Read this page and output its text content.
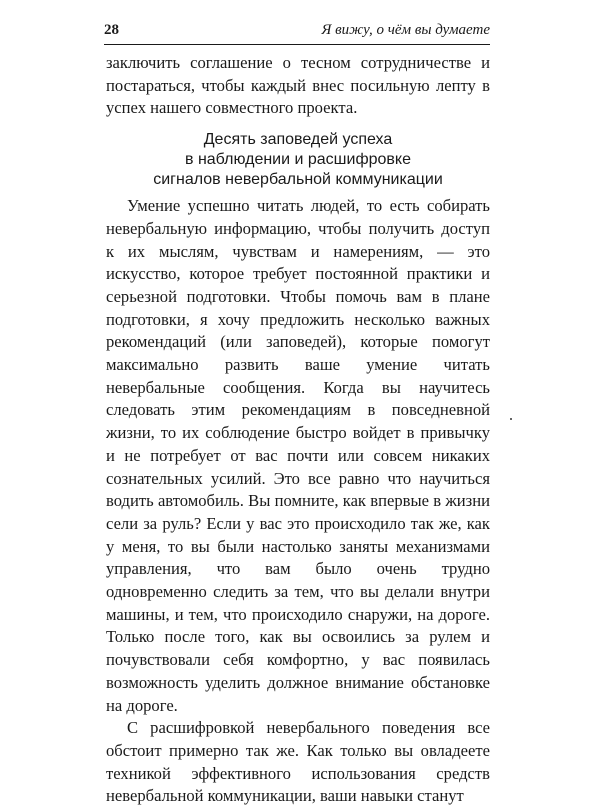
28	Я вижу, о чём вы думаете

заключить соглашение о тесном сотрудничестве и постараться, чтобы каждый внес посильную лепту в успех нашего совместного проекта.

Десять заповедей успеха
в наблюдении и расшифровке
сигналов невербальной коммуникации

Умение успешно читать людей, то есть собирать невербальную информацию, чтобы получить доступ к их мыслям, чувствам и намерениям, — это искусство, которое требует постоянной практики и серьезной подготовки. Чтобы помочь вам в плане подготовки, я хочу предложить несколько важных рекомендаций (или заповедей), которые помогут максимально развить ваше умение читать невербальные сообщения. Когда вы научитесь следовать этим рекомендациям в повседневной жизни, то их соблюдение быстро войдет в привычку и не потребует от вас почти или совсем никаких сознательных усилий. Это все равно что научиться водить автомобиль. Вы помните, как впервые в жизни сели за руль? Если у вас это происходило так же, как у меня, то вы были настолько заняты механизмами управления, что вам было очень трудно одновременно следить за тем, что вы делали внутри машины, и тем, что происходило снаружи, на дороге. Только после того, как вы освоились за рулем и почувствовали себя комфортно, у вас появилась возможность уделить должное внимание обстановке на дороге.

С расшифровкой невербального поведения все обстоит примерно так же. Как только вы овладеете техникой эффективного использования средств невербальной коммуникации, ваши навыки станут
